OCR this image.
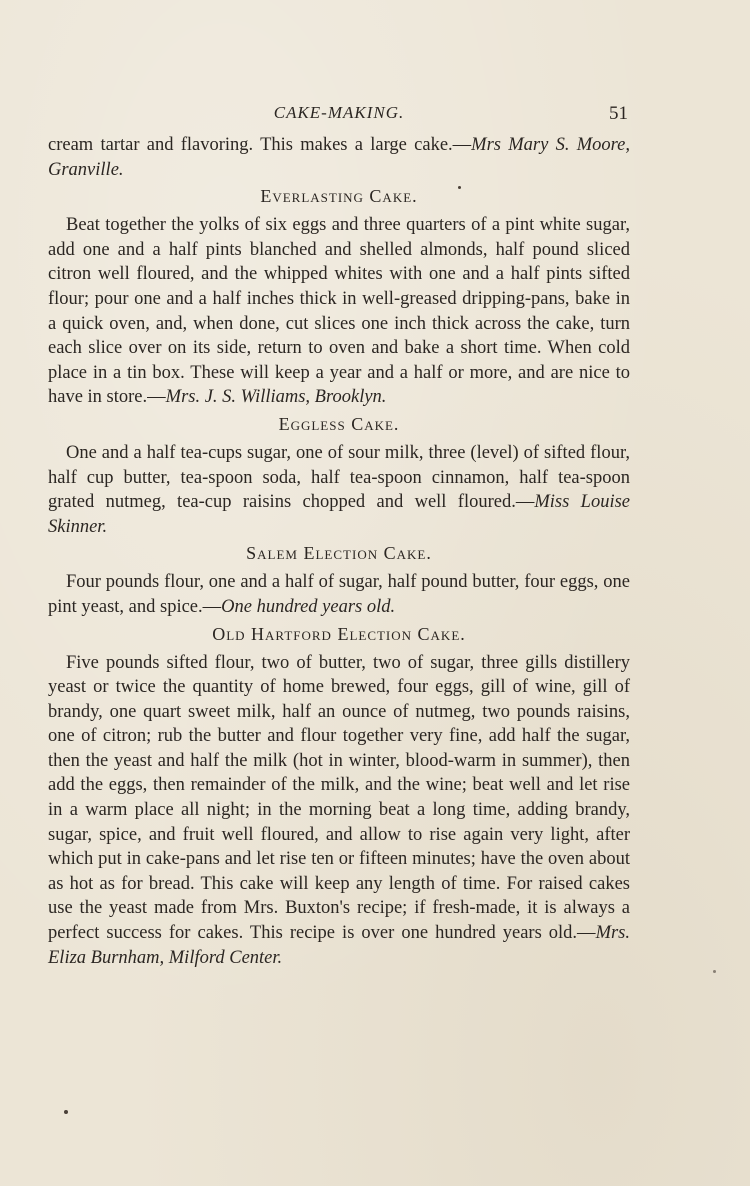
CAKE-MAKING.	51

cream tartar and flavoring. This makes a large cake.—Mrs Mary S. Moore, Granville.

Everlasting Cake.

Beat together the yolks of six eggs and three quarters of a pint white sugar, add one and a half pints blanched and shelled almonds, half pound sliced citron well floured, and the whipped whites with one and a half pints sifted flour; pour one and a half inches thick in well-greased dripping-pans, bake in a quick oven, and, when done, cut slices one inch thick across the cake, turn each slice over on its side, return to oven and bake a short time. When cold place in a tin box. These will keep a year and a half or more, and are nice to have in store.—Mrs. J. S. Williams, Brooklyn.

Eggless Cake.

One and a half tea-cups sugar, one of sour milk, three (level) of sifted flour, half cup butter, tea-spoon soda, half tea-spoon cinnamon, half tea-spoon grated nutmeg, tea-cup raisins chopped and well floured.—Miss Louise Skinner.

Salem Election Cake.

Four pounds flour, one and a half of sugar, half pound butter, four eggs, one pint yeast, and spice.—One hundred years old.

Old Hartford Election Cake.

Five pounds sifted flour, two of butter, two of sugar, three gills distillery yeast or twice the quantity of home brewed, four eggs, gill of wine, gill of brandy, one quart sweet milk, half an ounce of nutmeg, two pounds raisins, one of citron; rub the butter and flour together very fine, add half the sugar, then the yeast and half the milk (hot in winter, blood-warm in summer), then add the eggs, then remainder of the milk, and the wine; beat well and let rise in a warm place all night; in the morning beat a long time, adding brandy, sugar, spice, and fruit well floured, and allow to rise again very light, after which put in cake-pans and let rise ten or fifteen minutes; have the oven about as hot as for bread. This cake will keep any length of time. For raised cakes use the yeast made from Mrs. Buxton's recipe; if fresh-made, it is always a perfect success for cakes. This recipe is over one hundred years old.—Mrs. Eliza Burnham, Milford Center.
